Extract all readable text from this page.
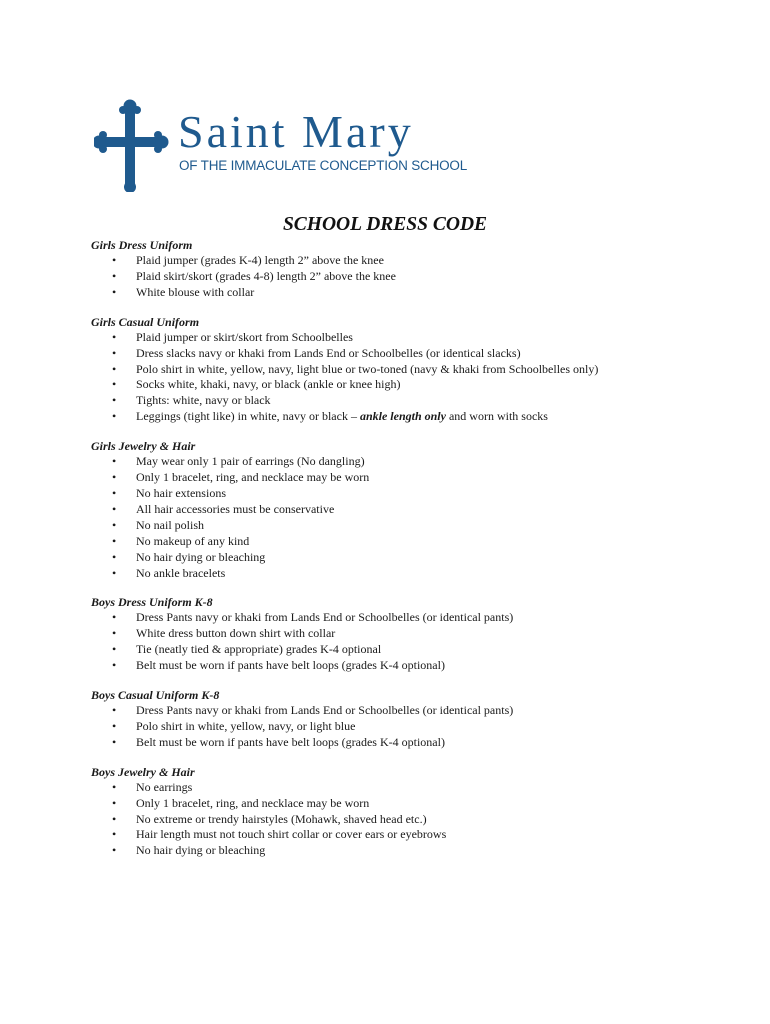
Saint Mary
OF THE IMMACULATE CONCEPTION SCHOOL
SCHOOL DRESS CODE

Girls Dress Uniform

• Plaid jumper (grades K-4) length 2” above the knee
• Plaid skirt/skort (grades 4-8) length 2” above the knee
• White blouse with collar

Girls Casual Uniform

• Plaid jumper or skirt/skort from Schoolbelles
• Dress slacks navy or khaki from Lands End or Schoolbelles (or identical slacks)
• Polo shirt in white, yellow, navy, light blue or two-toned (navy & khaki from Schoolbelles only)
• Socks white, khaki, navy, or black (ankle or knee high)
• Tights: white, navy or black
• Leggings (tight like) in white, navy or black – ankle length only and worn with socks

Girls Jewelry & Hair

• May wear only 1 pair of earrings (No dangling)
• Only 1 bracelet, ring, and necklace may be worn
• No hair extensions
• All hair accessories must be conservative
• No nail polish
• No makeup of any kind
• No hair dying or bleaching
• No ankle bracelets

Boys Dress Uniform K-8

• Dress Pants navy or khaki from Lands End or Schoolbelles (or identical pants)
• White dress button down shirt with collar
• Tie (neatly tied & appropriate) grades K-4 optional
• Belt must be worn if pants have belt loops (grades K-4 optional)

Boys Casual Uniform K-8

• Dress Pants navy or khaki from Lands End or Schoolbelles (or identical pants)
• Polo shirt in white, yellow, navy, or light blue
• Belt must be worn if pants have belt loops (grades K-4 optional)

Boys Jewelry & Hair

• No earrings
• Only 1 bracelet, ring, and necklace may be worn
• No extreme or trendy hairstyles (Mohawk, shaved head etc.)
• Hair length must not touch shirt collar or cover ears or eyebrows
• No hair dying or bleaching
